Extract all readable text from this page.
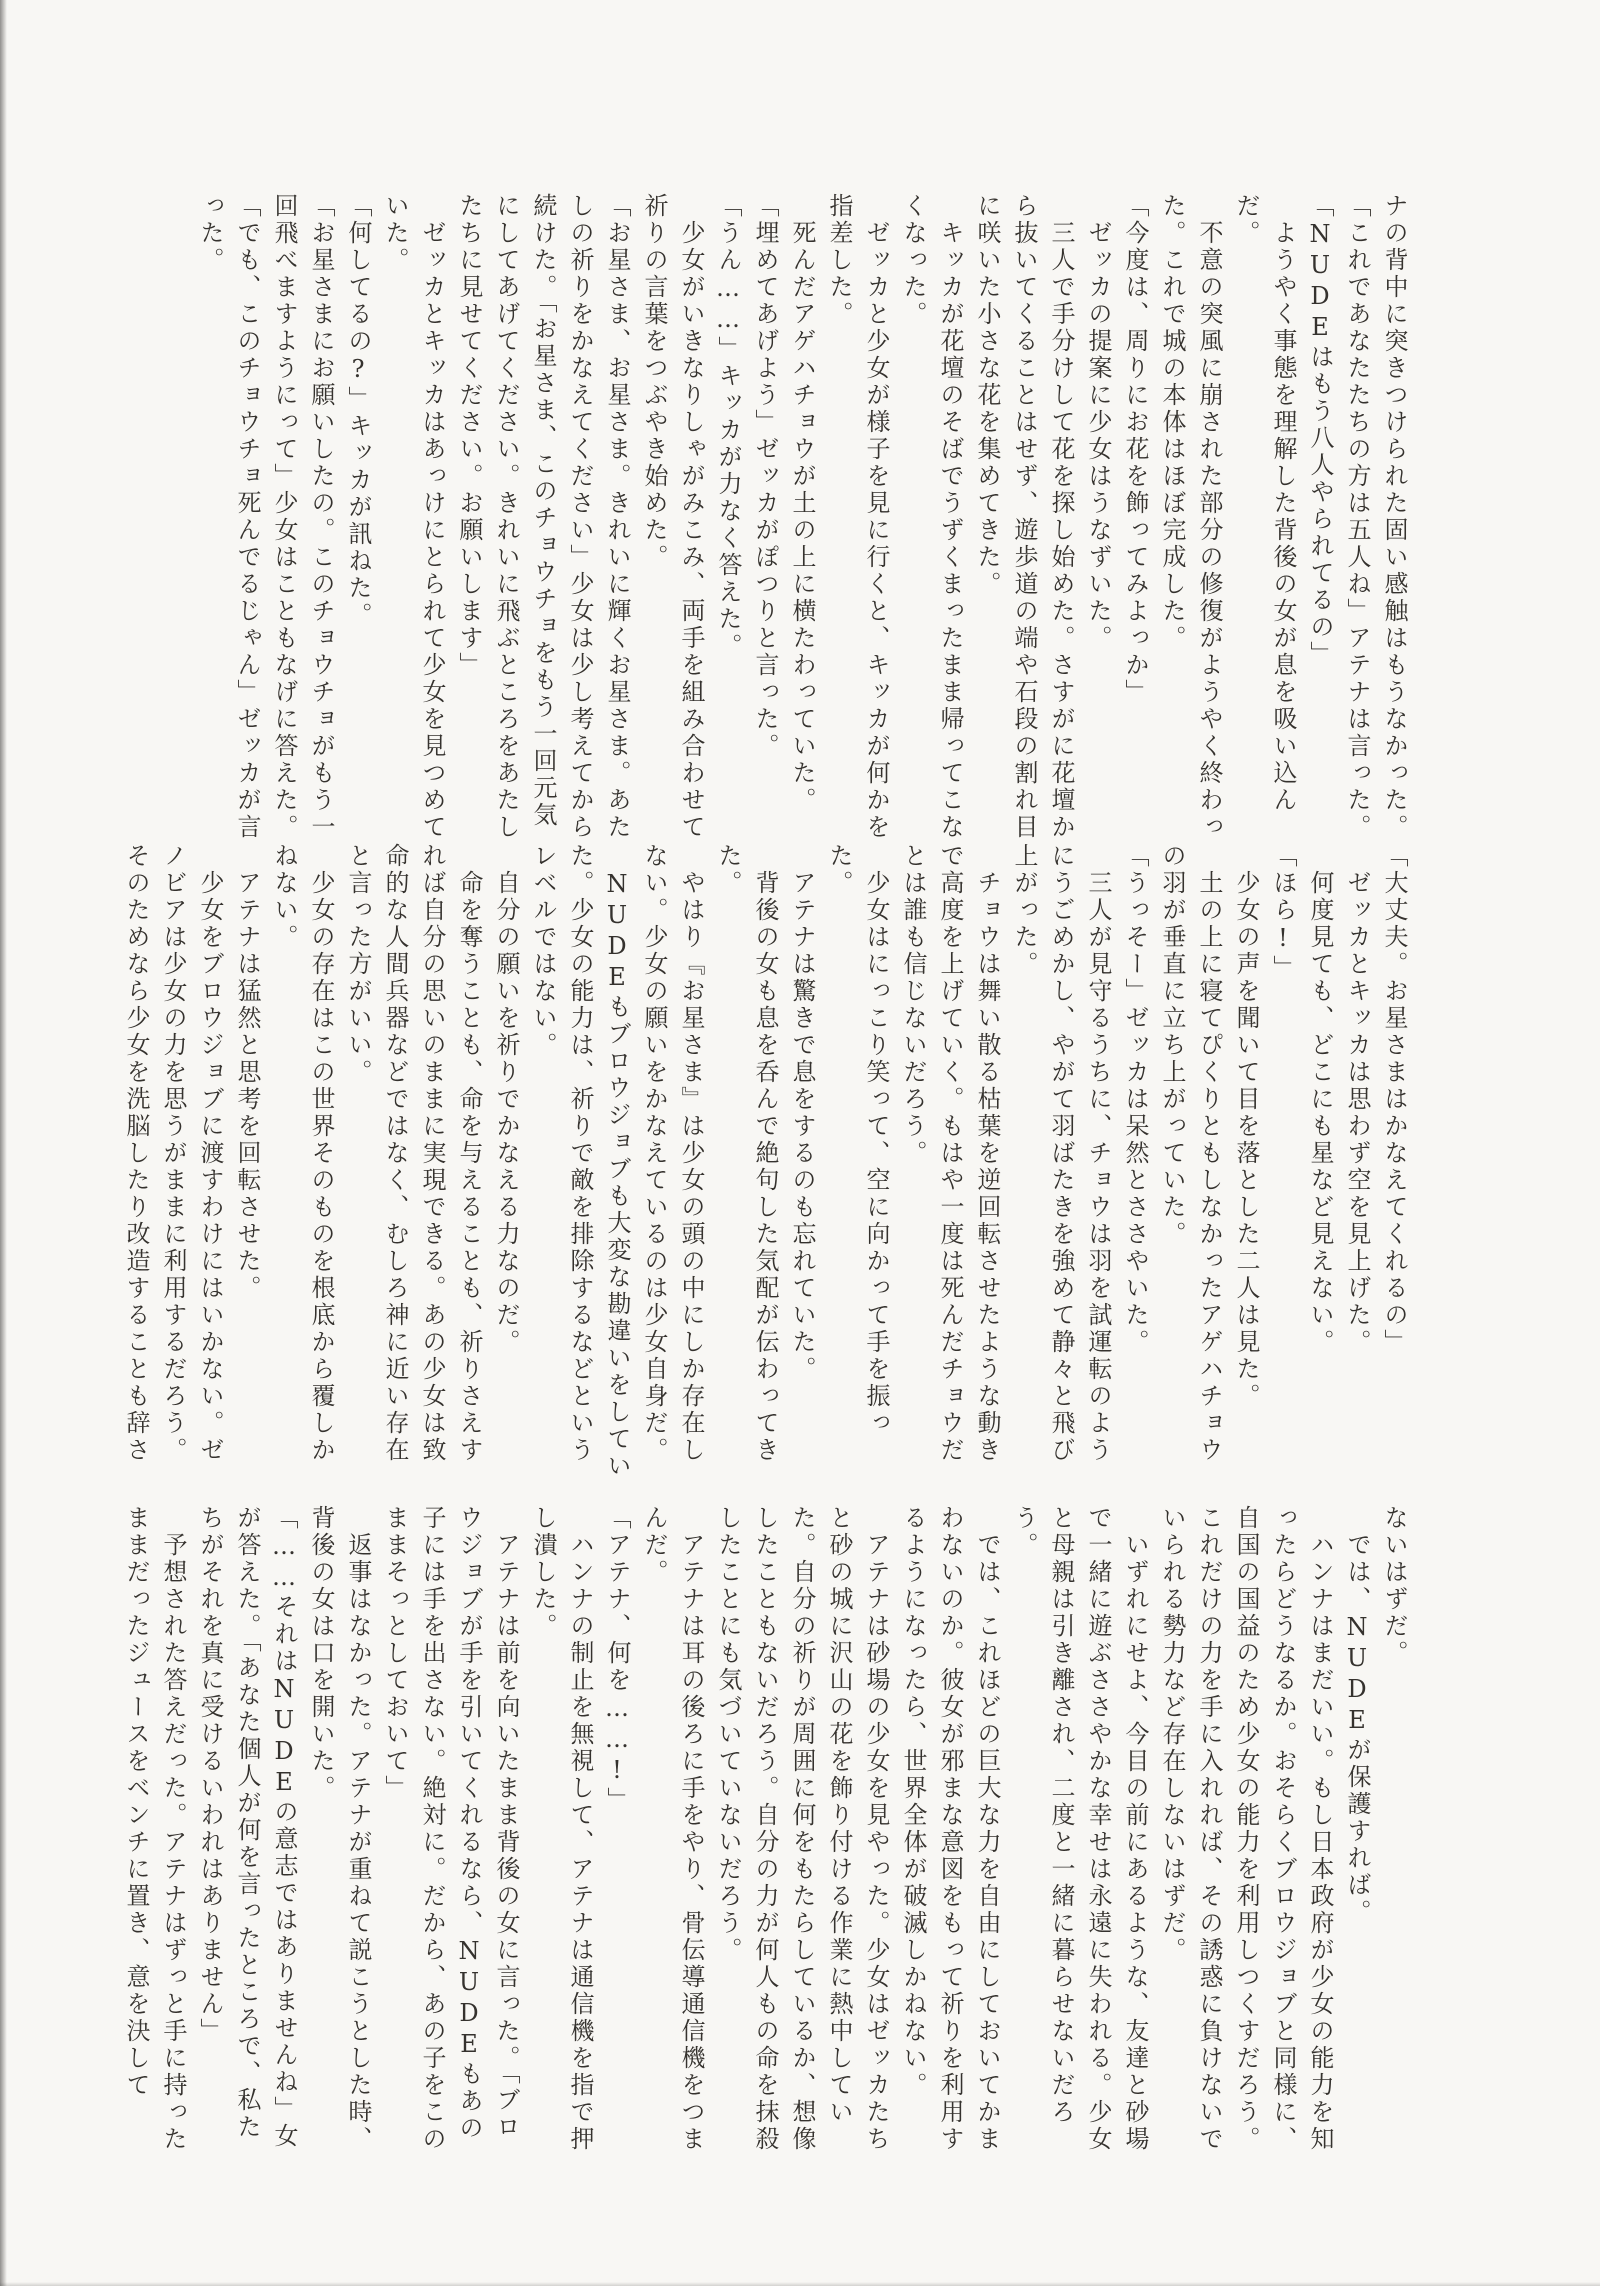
ナの背中に突きつけられた固い感触はもうなかった。

「これであなたたちの方は五人ね」アテナは言った。

「NUDEはもう八人やられてるの」

　ようやく事態を理解した背後の女が息を吸い込んだ。

　不意の突風に崩された部分の修復がようやく終わった。これで城の本体はほぼ完成した。

「今度は、周りにお花を飾ってみよっか」

　ゼッカの提案に少女はうなずいた。

　三人で手分けして花を探し始めた。さすがに花壇から抜いてくることはせず、遊歩道の端や石段の割れ目に咲いた小さな花を集めてきた。

　キッカが花壇のそばでうずくまったまま帰ってこなくなった。

　ゼッカと少女が様子を見に行くと、キッカが何かを指差した。

　死んだアゲハチョウが土の上に横たわっていた。

「埋めてあげよう」ゼッカがぽつりと言った。

「うん……」キッカが力なく答えた。

　少女がいきなりしゃがみこみ、両手を組み合わせて祈りの言葉をつぶやき始めた。

「お星さま、お星さま。きれいに輝くお星さま。あたしの祈りをかなえてください」少女は少し考えてから続けた。「お星さま、このチョウチョをもう一回元気にしてあげてください。きれいに飛ぶところをあたしたちに見せてください。お願いします」

　ゼッカとキッカはあっけにとられて少女を見つめていた。

「何してるの?」キッカが訊ねた。

「お星さまにお願いしたの。このチョウチョがもう一回飛べますようにって」少女はこともなげに答えた。

「でも、このチョウチョ死んでるじゃん」ゼッカが言った。

「大丈夫。お星さまはかなえてくれるの」

　ゼッカとキッカは思わず空を見上げた。

　何度見ても、どこにも星など見えない。

「ほら!」

　少女の声を聞いて目を落とした二人は見た。

　土の上に寝てぴくりともしなかったアゲハチョウの羽が垂直に立ち上がっていた。

「うっそー」ゼッカは呆然とささやいた。

　三人が見守るうちに、チョウは羽を試運転のようにうごめかし、やがて羽ばたきを強めて静々と飛び上がった。

　チョウは舞い散る枯葉を逆回転させたような動きで高度を上げていく。もはや一度は死んだチョウだとは誰も信じないだろう。

　少女はにっこり笑って、空に向かって手を振った。

　アテナは驚きで息をするのも忘れていた。

　背後の女も息を呑んで絶句した気配が伝わってきた。

　やはり『お星さま』は少女の頭の中にしか存在しない。少女の願いをかなえているのは少女自身だ。

　NUDEもブロウジョブも大変な勘違いをしていた。少女の能力は、祈りで敵を排除するなどというレベルではない。

　自分の願いを祈りでかなえる力なのだ。

　命を奪うことも、命を与えることも、祈りさえすれば自分の思いのままに実現できる。あの少女は致命的な人間兵器などではなく、むしろ神に近い存在と言った方がいい。

　少女の存在はこの世界そのものを根底から覆しかねない。

　アテナは猛然と思考を回転させた。

　少女をブロウジョブに渡すわけにはいかない。ゼノビアは少女の力を思うがままに利用するだろう。そのためなら少女を洗脳したり改造することも辞さ

ないはずだ。

　では、NUDEが保護すれば。

　ハンナはまだいい。もし日本政府が少女の能力を知ったらどうなるか。おそらくブロウジョブと同様に、自国の国益のため少女の能力を利用しつくすだろう。これだけの力を手に入れれば、その誘惑に負けないでいられる勢力など存在しないはずだ。

　いずれにせよ、今目の前にあるような、友達と砂場で一緒に遊ぶささやかな幸せは永遠に失われる。少女と母親は引き離され、二度と一緒に暮らせないだろう。

　では、これほどの巨大な力を自由にしておいてかまわないのか。彼女が邪まな意図をもって祈りを利用するようになったら、世界全体が破滅しかねない。

　アテナは砂場の少女を見やった。少女はゼッカたちと砂の城に沢山の花を飾り付ける作業に熱中していた。自分の祈りが周囲に何をもたらしているか、想像したこともないだろう。自分の力が何人もの命を抹殺したことにも気づいていないだろう。

　アテナは耳の後ろに手をやり、骨伝導通信機をつまんだ。

「アテナ、何を……!」

　ハンナの制止を無視して、アテナは通信機を指で押し潰した。

　アテナは前を向いたまま背後の女に言った。「ブロウジョブが手を引いてくれるなら、NUDEもあの子には手を出さない。絶対に。だから、あの子をこのままそっとしておいて」

　返事はなかった。アテナが重ねて説こうとした時、背後の女は口を開いた。

「……それはNUDEの意志ではありませんね」女が答えた。「あなた個人が何を言ったところで、私たちがそれを真に受けるいわれはありません」

　予想された答えだった。アテナはずっと手に持ったままだったジュースをベンチに置き、意を決して
